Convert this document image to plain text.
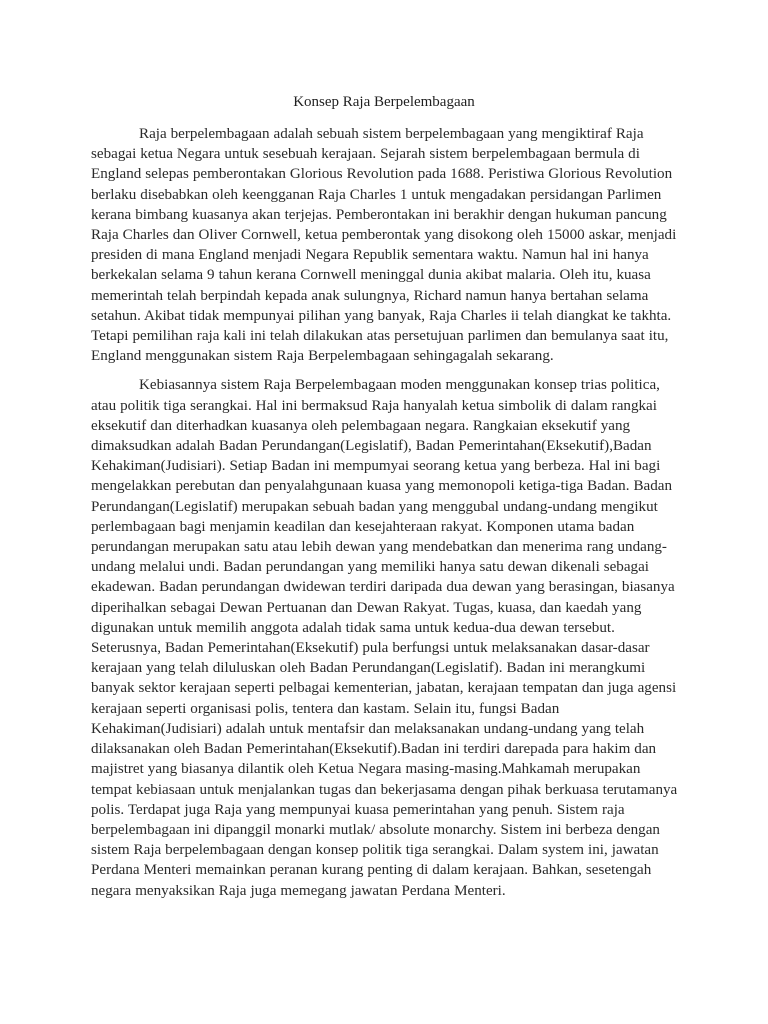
Konsep Raja Berpelembagaan

Raja berpelembagaan adalah sebuah sistem berpelembagaan yang mengiktiraf Raja sebagai ketua Negara untuk sesebuah kerajaan. Sejarah sistem berpelembagaan bermula di England selepas pemberontakan Glorious Revolution pada 1688. Peristiwa Glorious Revolution berlaku disebabkan oleh keengganan Raja Charles 1 untuk mengadakan persidangan Parlimen kerana bimbang kuasanya akan terjejas. Pemberontakan ini berakhir dengan hukuman pancung Raja Charles dan Oliver Cornwell, ketua pemberontak yang disokong oleh 15000 askar, menjadi presiden di mana England menjadi Negara Republik sementara waktu. Namun hal ini hanya berkekalan selama 9 tahun kerana Cornwell meninggal dunia akibat malaria. Oleh itu, kuasa memerintah telah berpindah kepada anak sulungnya, Richard namun hanya bertahan selama setahun. Akibat tidak mempunyai pilihan yang banyak, Raja Charles ii telah diangkat ke takhta. Tetapi pemilihan raja kali ini telah dilakukan atas persetujuan parlimen dan bemulanya saat itu, England menggunakan sistem Raja Berpelembagaan sehingagalah sekarang.

Kebiasannya sistem Raja Berpelembagaan moden menggunakan konsep trias politica, atau politik tiga serangkai. Hal ini bermaksud Raja hanyalah ketua simbolik di dalam rangkai eksekutif dan diterhadkan kuasanya oleh pelembagaan negara. Rangkaian eksekutif yang dimaksudkan adalah Badan Perundangan(Legislatif), Badan Pemerintahan(Eksekutif),Badan Kehakiman(Judisiari). Setiap Badan ini mempumyai seorang ketua yang berbeza. Hal ini bagi mengelakkan perebutan dan penyalahgunaan kuasa yang memonopoli ketiga-tiga Badan. Badan Perundangan(Legislatif) merupakan sebuah badan yang menggubal undang-undang mengikut perlembagaan bagi menjamin keadilan dan kesejahteraan rakyat. Komponen utama badan perundangan merupakan satu atau lebih dewan yang mendebatkan dan menerima rang undang-undang melalui undi. Badan perundangan yang memiliki hanya satu dewan dikenali sebagai ekadewan. Badan perundangan dwidewan terdiri daripada dua dewan yang berasingan, biasanya diperihalkan sebagai Dewan Pertuanan dan Dewan Rakyat. Tugas, kuasa, dan kaedah yang digunakan untuk memilih anggota adalah tidak sama untuk kedua-dua dewan tersebut. Seterusnya, Badan Pemerintahan(Eksekutif) pula berfungsi untuk melaksanakan dasar-dasar kerajaan yang telah diluluskan oleh Badan Perundangan(Legislatif). Badan ini merangkumi banyak sektor kerajaan seperti pelbagai kementerian, jabatan, kerajaan tempatan dan juga agensi kerajaan seperti organisasi polis, tentera dan kastam. Selain itu, fungsi Badan Kehakiman(Judisiari) adalah untuk mentafsir dan melaksanakan undang-undang yang telah dilaksanakan oleh Badan Pemerintahan(Eksekutif).Badan ini terdiri darepada para hakim dan majistret yang biasanya dilantik oleh Ketua Negara masing-masing.Mahkamah merupakan tempat kebiasaan untuk menjalankan tugas dan bekerjasama dengan pihak berkuasa terutamanya polis. Terdapat juga Raja yang mempunyai kuasa pemerintahan yang penuh. Sistem raja berpelembagaan ini dipanggil monarki mutlak/ absolute monarchy. Sistem ini berbeza dengan sistem Raja berpelembagaan dengan konsep politik tiga serangkai. Dalam system ini, jawatan Perdana Menteri memainkan peranan kurang penting di dalam kerajaan. Bahkan, sesetengah negara menyaksikan Raja juga memegang jawatan Perdana Menteri.
